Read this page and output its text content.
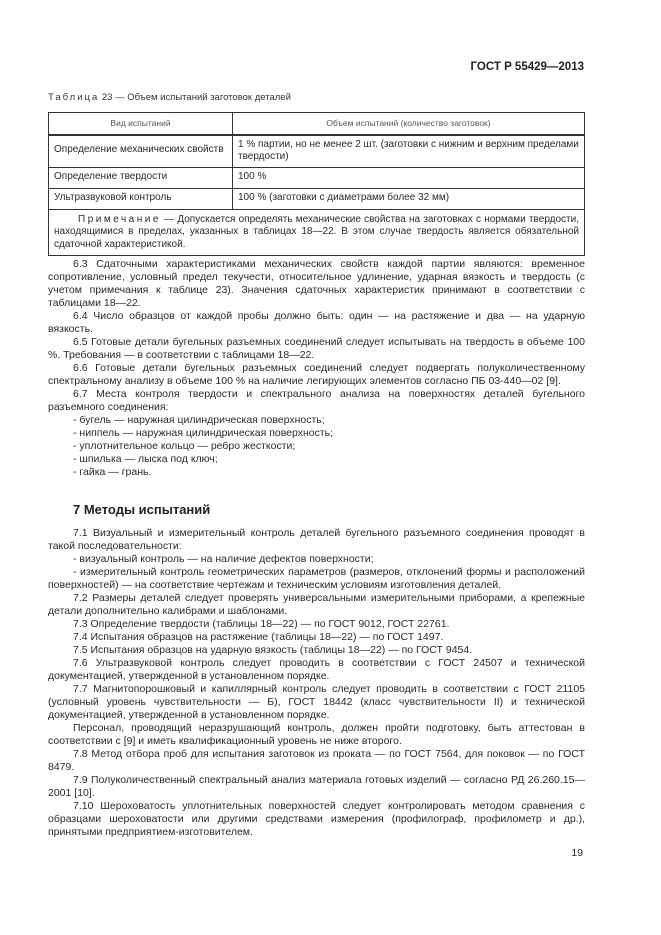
ГОСТ Р 55429—2013
Таблица 23 — Объем испытаний заготовок деталей
Вид испытаний	Объем испытаний (количество заготовок)
Определение механических свойств	1 % партии, но не менее 2 шт. (заготовки с нижним и верхним пределами твердости)
Определение твердости	100 %
Ультразвуковой контроль	100 % (заготовки с диаметрами более 32 мм)
Примечание — Допускается определять механические свойства на заготовках с нормами твердости, находящимися в пределах, указанных в таблицах 18—22. В этом случае твердость является обязательной сдаточной характеристикой.	

6.3 Сдаточными характеристиками механических свойств каждой партии являются: временное сопротивление, условный предел текучести, относительное удлинение, ударная вязкость и твердость (с учетом примечания к таблице 23). Значения сдаточных характеристик принимают в соответствии с таблицами 18—22.

6.4 Число образцов от каждой пробы должно быть: один — на растяжение и два — на ударную вязкость.

6.5 Готовые детали бугельных разъемных соединений следует испытывать на твердость в объеме 100 %. Требования — в соответствии с таблицами 18—22.

6.6 Готовые детали бугельных разъемных соединений следует подвергать полуколичественному спектральному анализу в объеме 100 % на наличие легирующих элементов согласно ПБ 03-440—02 [9].

6.7 Места контроля твердости и спектрального анализа на поверхностях деталей бугельного разъемного соединения:

- бугель — наружная цилиндрическая поверхность;

- ниппель — наружная цилиндрическая поверхность;

- уплотнительное кольцо — ребро жесткости;

- шпилька — лыска под ключ;

- гайка — грань.

7 Методы испытаний

7.1 Визуальный и измерительный контроль деталей бугельного разъемного соединения проводят в такой последовательности:

- визуальный контроль — на наличие дефектов поверхности;

- измерительный контроль геометрических параметров (размеров, отклонений формы и расположений поверхностей) — на соответствие чертежам и техническим условиям изготовления деталей.

7.2 Размеры деталей следует проверять универсальными измерительными приборами, а крепежные детали дополнительно калибрами и шаблонами.

7.3 Определение твердости (таблицы 18—22) — по ГОСТ 9012, ГОСТ 22761.

7.4 Испытания образцов на растяжение (таблицы 18—22) — по ГОСТ 1497.

7.5 Испытания образцов на ударную вязкость (таблицы 18—22) — по ГОСТ 9454.

7.6 Ультразвуковой контроль следует проводить в соответствии с ГОСТ 24507 и технической документацией, утвержденной в установленном порядке.

7.7 Магнитопорошковый и капиллярный контроль следует проводить в соответствии с ГОСТ 21105 (условный уровень чувствительности — Б), ГОСТ 18442 (класс чувствительности II) и технической документацией, утвержденной в установленном порядке.

Персонал, проводящий неразрушающий контроль, должен пройти подготовку, быть аттестован в соответствии с [9] и иметь квалификационный уровень не ниже второго.

7.8 Метод отбора проб для испытания заготовок из проката — по ГОСТ 7564, для поковок — по ГОСТ 8479.

7.9 Полуколичественный спектральный анализ материала готовых изделий — согласно РД 26.260.15—2001 [10].

7.10 Шероховатость уплотнительных поверхностей следует контролировать методом сравнения с образцами шероховатости или другими средствами измерения (профилограф, профилометр и др.), принятыми предприятием-изготовителем.

19
